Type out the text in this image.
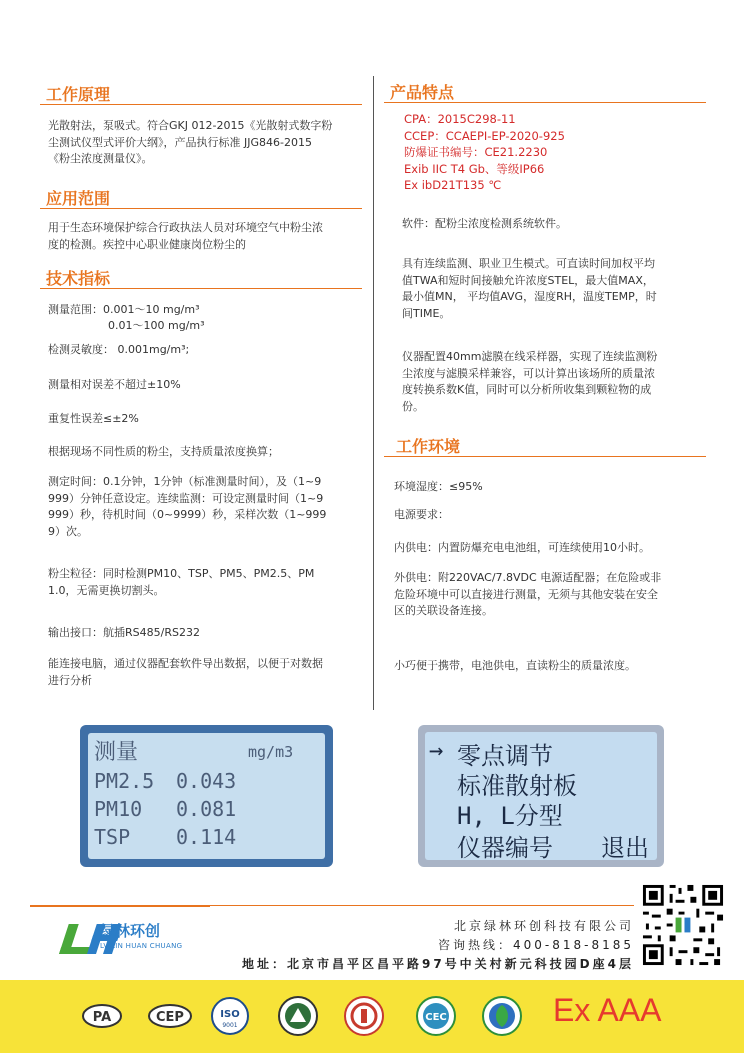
工作原理
光散射法，泵吸式。符合GKJ 012-2015《光散射式数字粉
尘测试仪型式评价大纲》，产品执行标准 JJG846-2015
《粉尘浓度测量仪》。
应用范围
用于生态环境保护综合行政执法人员对环境空气中粉尘浓
度的检测。疾控中心职业健康岗位粉尘的
技术指标
测量范围：0.001～10 mg/m³
0.01～100 mg/m³
检测灵敏度： 0.001mg/m³;
测量相对误差不超过±10%
重复性误差≤±2%
根据现场不同性质的粉尘，支持质量浓度换算；
测定时间：0.1分钟，1分钟（标准测量时间），及（1~9
999）分钟任意设定。连续监测：可设定测量时间（1~9
999）秒，待机时间（0~9999）秒，采样次数（1~999
9）次。
粉尘粒径：同时检测PM10、TSP、PM5、PM2.5、PM
1.0，无需更换切割头。
输出接口：航插RS485/RS232
能连接电脑，通过仪器配套软件导出数据，以便于对数据
进行分析
产品特点
CPA：2015C298-11
CCEP：CCAEPI-EP-2020-925
防爆证书编号：CE21.2230
Exib IIC T4 Gb、等级IP66
Ex ibD21T135 ℃
软件：配粉尘浓度检测系统软件。
具有连续监测、职业卫生模式。可直读时间加权平均
值TWA和短时间接触允许浓度STEL，最大值MAX，
最小值MN， 平均值AVG，湿度RH，温度TEMP，时
间TIME。
仪器配置40mm滤膜在线采样器，实现了连续监测粉
尘浓度与滤膜采样兼容，可以计算出该场所的质量浓
度转换系数K值，同时可以分析所收集到颗粒物的成
份。
工作环境
环境湿度：≤95%
电源要求：
内供电：内置防爆充电电池组，可连续使用10小时。
外供电：附220VAC/7.8VDC 电源适配器；在危险或非
危险环境中可以直接进行测量，无须与其他安装在安全
区的关联设备连接。
小巧便于携带，电池供电，直读粉尘的质量浓度。
测量	mg/m3
PM2.5 0.043
PM10 0.081
TSP 0.114
→ 零点调节
标准散射板
H, L分型
仪器编号 退出
绿林环创
LV LIN HUAN CHUANG
北京绿林环创科技有限公司
咨询热线：400-818-8185
地址：北京市昌平区昌平路97号中关村新元科技园D座4层
PA	CEP	ISO
9001
CEC	Ex AAA
